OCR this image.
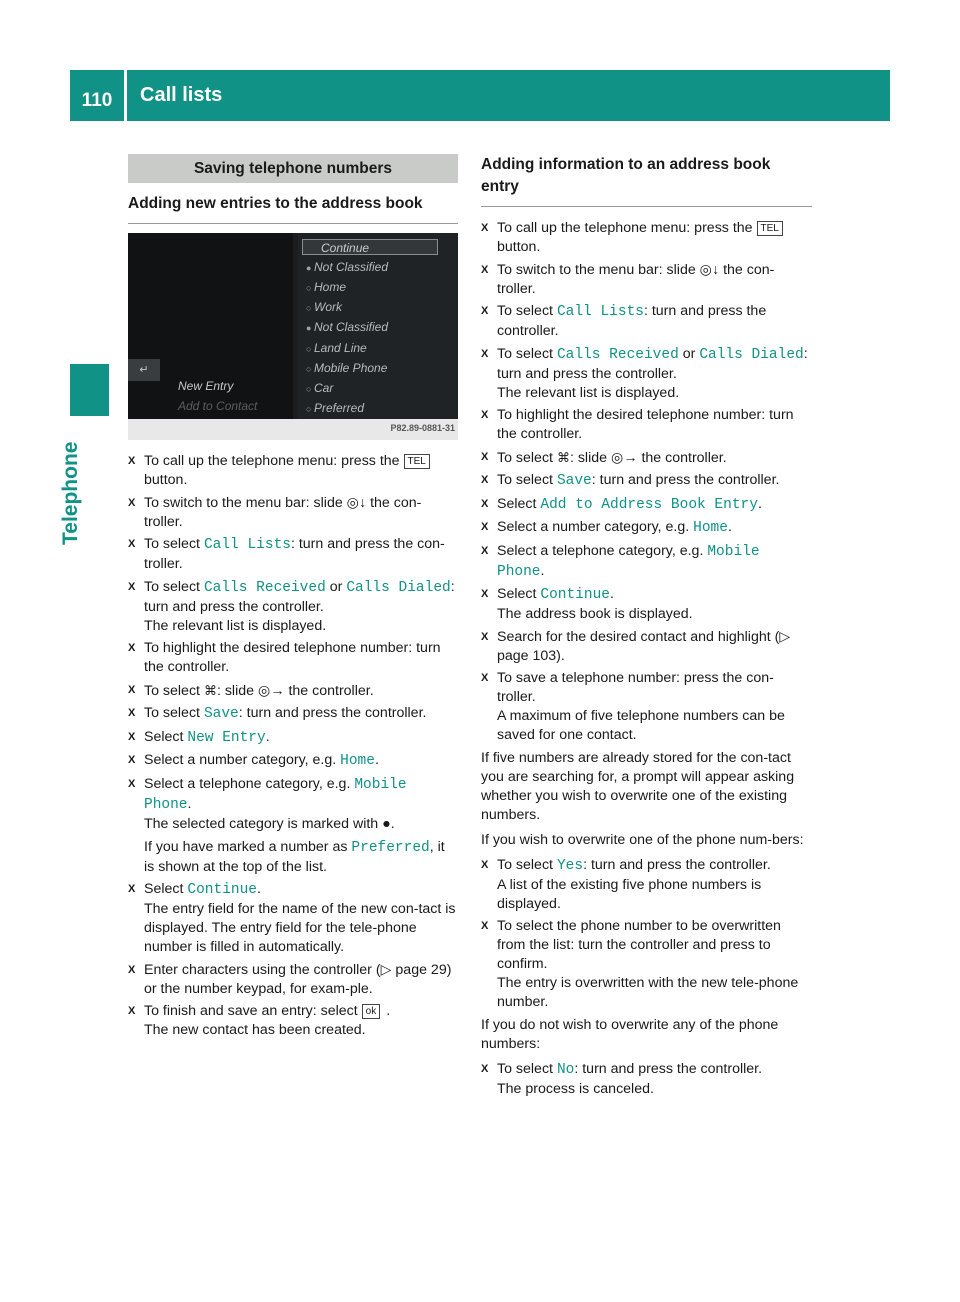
110	Call lists
Telephone
Saving telephone numbers
Adding new entries to the address book
Continue
● Not Classified
○ Home
○ Work
● Not Classified
○ Land Line
○ Mobile Phone
○ Car
○ Preferred
↵
New Entry
Add to Contact
P82.89-0881-31
X To call up the telephone menu: press the TEL button.
X To switch to the menu bar: slide ◎↓ the con-troller.
X To select Call Lists: turn and press the con-troller.
X To select Calls Received or Calls Dialed: turn and press the controller.
The relevant list is displayed.
X To highlight the desired telephone number: turn the controller.
X To select ⌘: slide ◎→ the controller.
X To select Save: turn and press the controller.
X Select New Entry.
X Select a number category, e.g. Home.
X Select a telephone category, e.g. Mobile Phone.
The selected category is marked with ●.
If you have marked a number as Preferred, it is shown at the top of the list.
X Select Continue.
The entry field for the name of the new con-tact is displayed. The entry field for the tele-phone number is filled in automatically.
X Enter characters using the controller (▷ page 29) or the number keypad, for exam-ple.
X To finish and save an entry: select ok .
The new contact has been created.
Adding information to an address book entry
X To call up the telephone menu: press the TEL button.
X To switch to the menu bar: slide ◎↓ the con-troller.
X To select Call Lists: turn and press the controller.
X To select Calls Received or Calls Dialed: turn and press the controller.
The relevant list is displayed.
X To highlight the desired telephone number: turn the controller.
X To select ⌘: slide ◎→ the controller.
X To select Save: turn and press the controller.
X Select Add to Address Book Entry.
X Select a number category, e.g. Home.
X Select a telephone category, e.g. Mobile Phone.
X Select Continue.
The address book is displayed.
X Search for the desired contact and highlight (▷ page 103).
X To save a telephone number: press the con-troller.
A maximum of five telephone numbers can be saved for one contact.
If five numbers are already stored for the con-tact you are searching for, a prompt will appear asking whether you wish to overwrite one of the existing numbers.
If you wish to overwrite one of the phone num-bers:
X To select Yes: turn and press the controller.
A list of the existing five phone numbers is displayed.
X To select the phone number to be overwritten from the list: turn the controller and press to confirm.
The entry is overwritten with the new tele-phone number.
If you do not wish to overwrite any of the phone numbers:
X To select No: turn and press the controller.
The process is canceled.
